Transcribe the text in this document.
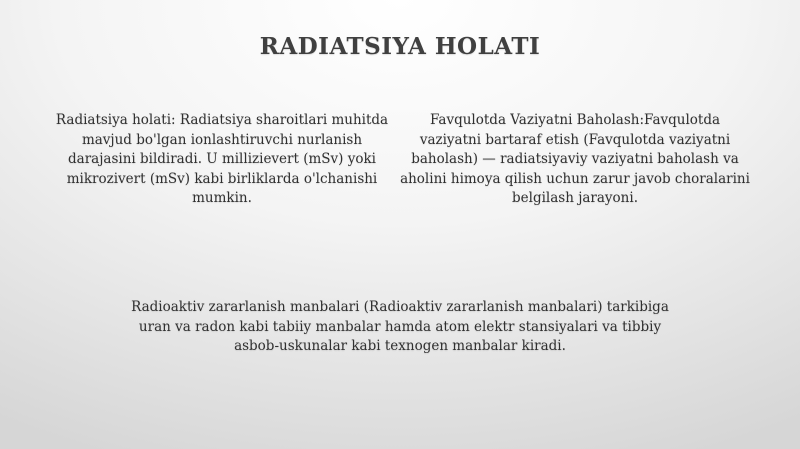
RADIATSIYA HOLATI
Radiatsiya holati: Radiatsiya sharoitlari muhitda mavjud bo'lgan ionlashtiruvchi nurlanish darajasini bildiradi. U millizievert (mSv) yoki mikrozivert (mSv) kabi birliklarda o'lchanishi mumkin.
Favqulotda Vaziyatni Baholash:Favqulotda vaziyatni bartaraf etish (Favqulotda vaziyatni baholash) — radiatsiyaviy vaziyatni baholash va aholini himoya qilish uchun zarur javob choralarini belgilash jarayoni.
Radioaktiv zararlanish manbalari (Radioaktiv zararlanish manbalari) tarkibiga uran va radon kabi tabiiy manbalar hamda atom elektr stansiyalari va tibbiy asbob-uskunalar kabi texnogen manbalar kiradi.
